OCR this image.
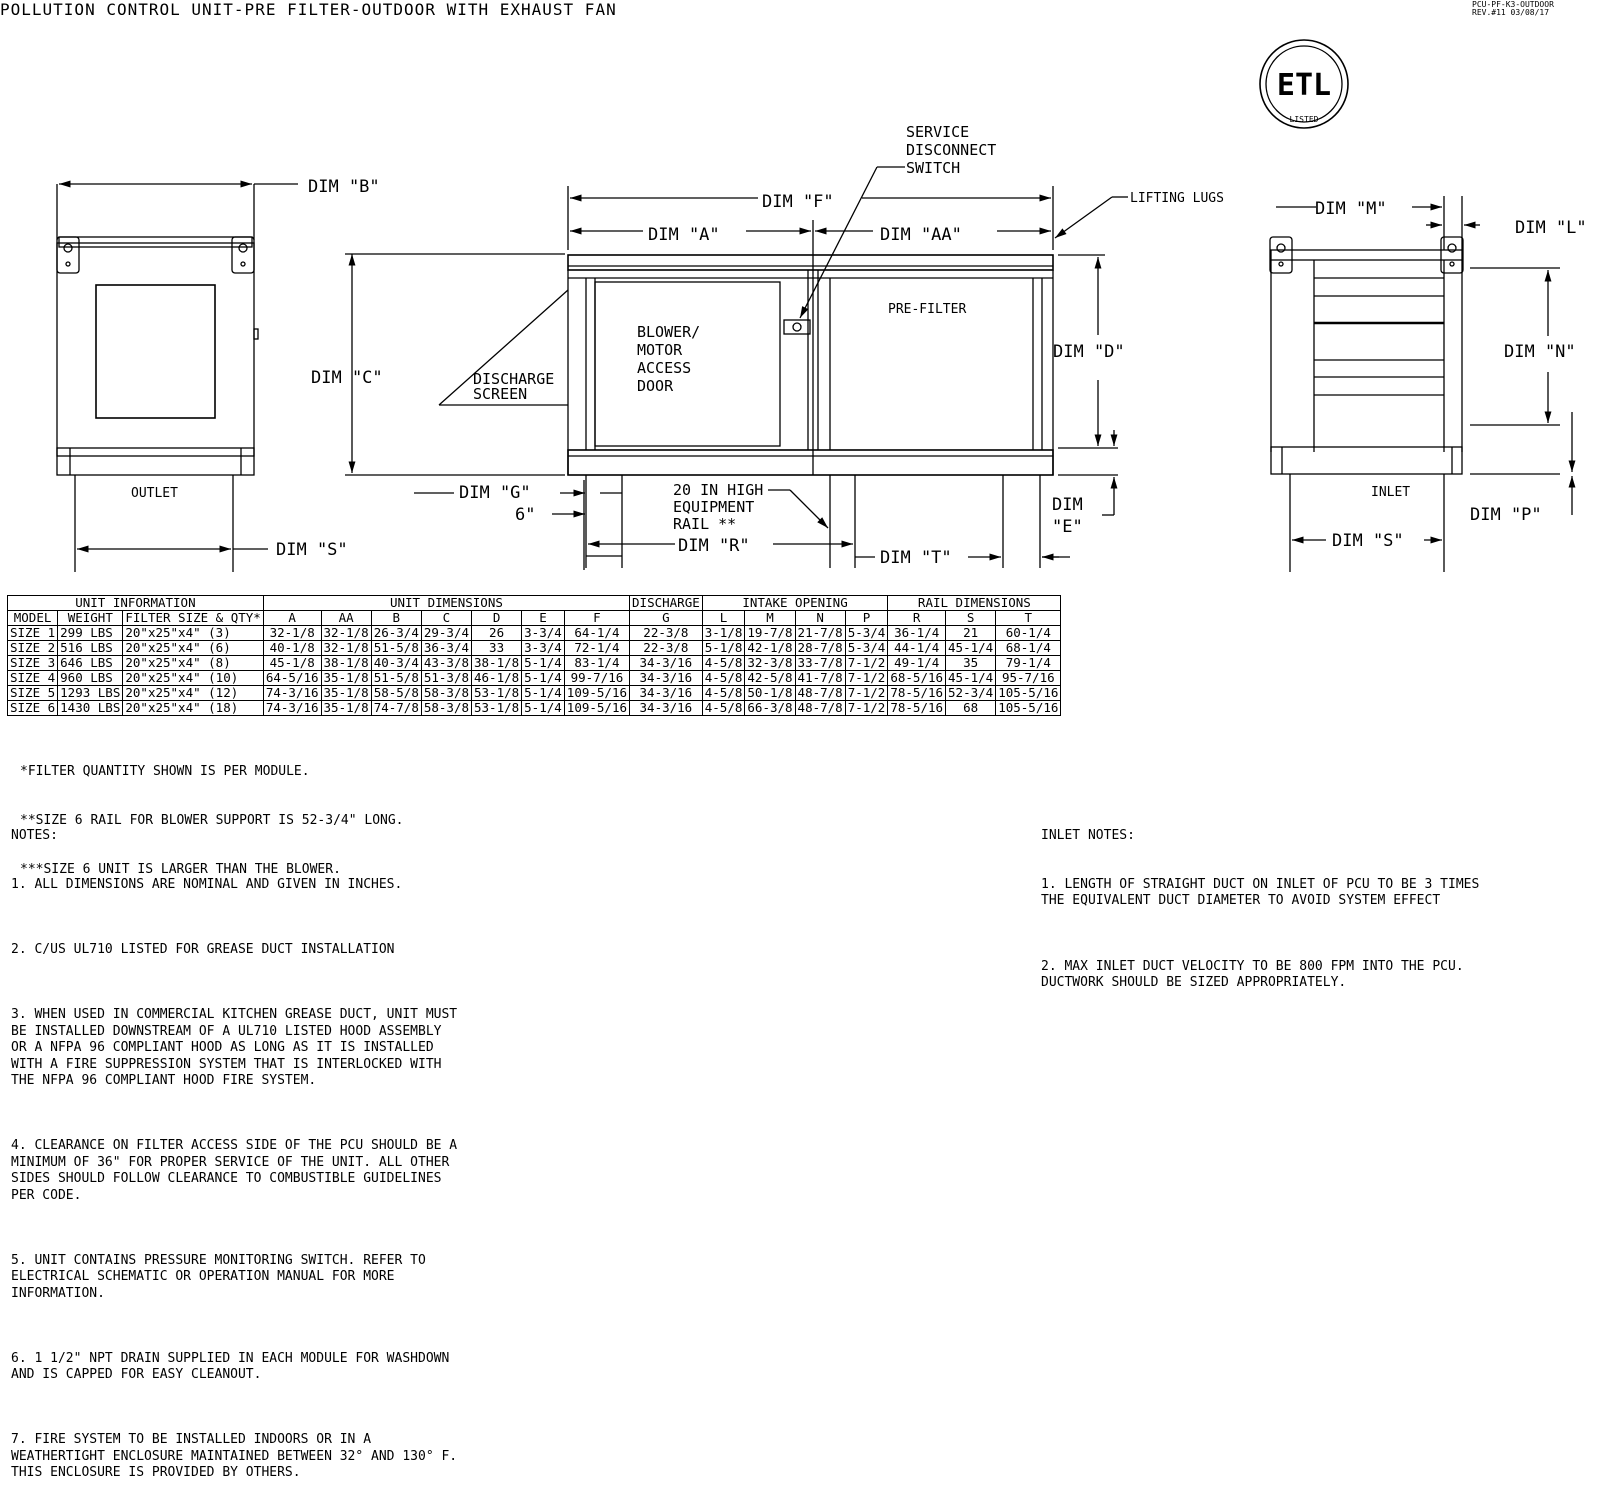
POLLUTION CONTROL UNIT-PRE FILTER-OUTDOOR WITH EXHAUST FAN	PCU-PF-K3-OUTDOOR
REV.#11 03/08/17
ETL
LISTED
DIM "B"
DIM "C"
DIM "S"
OUTLET
DIM "F"
DIM "A"	DIM "AA"
LIFTING LUGS
PRE-FILTER
SERVICE DISCONNECT SWITCH
DIM "D"
DIM "G"
6"
DIM "R"
DIM "T"
DIM "M"
DIM "L"
DIM "N"
INLET
DIM "P"
DIM "S"
BLOWER/
MOTOR
ACCESS
DOOR
DISCHARGE
SCREEN
20 IN HIGH
EQUIPMENT
RAIL **
DIM
"E"
UNIT INFORMATION			UNIT DIMENSIONS							DISCHARGE	INTAKE OPENING				RAIL DIMENSIONS		
MODEL	WEIGHT	FILTER SIZE & QTY*	A	AA	B	C	D	E	F	G	L	M	N	P	R	S	T
SIZE 1	299 LBS	20"x25"x4" (3)	32-1/8	32-1/8	26-3/4	29-3/4	26	3-3/4	64-1/4	22-3/8	3-1/8	19-7/8	21-7/8	5-3/4	36-1/4	21	60-1/4
SIZE 2	516 LBS	20"x25"x4" (6)	40-1/8	32-1/8	51-5/8	36-3/4	33	3-3/4	72-1/4	22-3/8	5-1/8	42-1/8	28-7/8	5-3/4	44-1/4	45-1/4	68-1/4
SIZE 3	646 LBS	20"x25"x4" (8)	45-1/8	38-1/8	40-3/4	43-3/8	38-1/8	5-1/4	83-1/4	34-3/16	4-5/8	32-3/8	33-7/8	7-1/2	49-1/4	35	79-1/4
SIZE 4	960 LBS	20"x25"x4" (10)	64-5/16	35-1/8	51-5/8	51-3/8	46-1/8	5-1/4	99-7/16	34-3/16	4-5/8	42-5/8	41-7/8	7-1/2	68-5/16	45-1/4	95-7/16
SIZE 5	1293 LBS	20"x25"x4" (12)	74-3/16	35-1/8	58-5/8	58-3/8	53-1/8	5-1/4	109-5/16	34-3/16	4-5/8	50-1/8	48-7/8	7-1/2	78-5/16	52-3/4	105-5/16
SIZE 6	1430 LBS	20"x25"x4" (18)	74-3/16	35-1/8	74-7/8	58-3/8	53-1/8	5-1/4	109-5/16	34-3/16	4-5/8	66-3/8	48-7/8	7-1/2	78-5/16	68	105-5/16

*FILTER QUANTITY SHOWN IS PER MODULE.

**SIZE 6 RAIL FOR BLOWER SUPPORT IS 52-3/4" LONG.

***SIZE 6 UNIT IS LARGER THAN THE BLOWER.

NOTES:

1. ALL DIMENSIONS ARE NOMINAL AND GIVEN IN INCHES.

2. C/US UL710 LISTED FOR GREASE DUCT INSTALLATION

3. WHEN USED IN COMMERCIAL KITCHEN GREASE DUCT, UNIT MUST
BE INSTALLED DOWNSTREAM OF A UL710 LISTED HOOD ASSEMBLY
OR A NFPA 96 COMPLIANT HOOD AS LONG AS IT IS INSTALLED
WITH A FIRE SUPPRESSION SYSTEM THAT IS INTERLOCKED WITH
THE NFPA 96 COMPLIANT HOOD FIRE SYSTEM.

4. CLEARANCE ON FILTER ACCESS SIDE OF THE PCU SHOULD BE A
MINIMUM OF 36" FOR PROPER SERVICE OF THE UNIT. ALL OTHER
SIDES SHOULD FOLLOW CLEARANCE TO COMBUSTIBLE GUIDELINES
PER CODE.

5. UNIT CONTAINS PRESSURE MONITORING SWITCH. REFER TO
ELECTRICAL SCHEMATIC OR OPERATION MANUAL FOR MORE
INFORMATION.

6. 1 1/2" NPT DRAIN SUPPLIED IN EACH MODULE FOR WASHDOWN
AND IS CAPPED FOR EASY CLEANOUT.

7. FIRE SYSTEM TO BE INSTALLED INDOORS OR IN A
WEATHERTIGHT ENCLOSURE MAINTAINED BETWEEN 32° AND 130° F.
THIS ENCLOSURE IS PROVIDED BY OTHERS.

INLET NOTES:

1. LENGTH OF STRAIGHT DUCT ON INLET OF PCU TO BE 3 TIMES
THE EQUIVALENT DUCT DIAMETER TO AVOID SYSTEM EFFECT

2. MAX INLET DUCT VELOCITY TO BE 800 FPM INTO THE PCU.
DUCTWORK SHOULD BE SIZED APPROPRIATELY.
